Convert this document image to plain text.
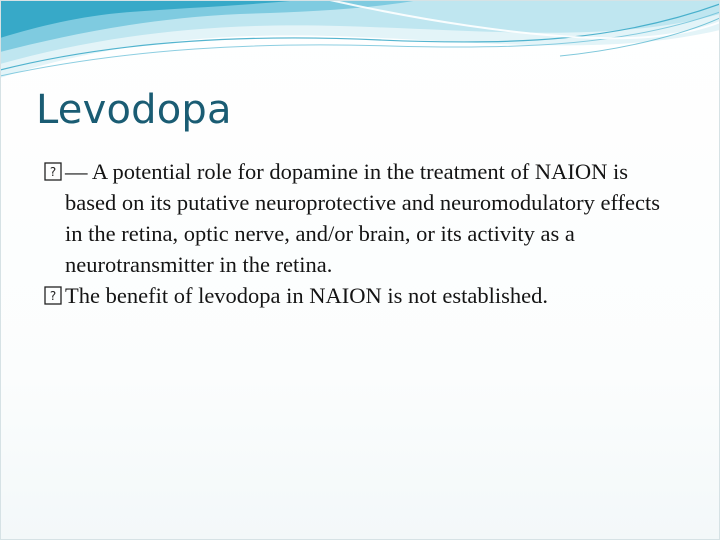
Levodopa
? — A potential role for dopamine in the treatment of NAION is based on its putative neuroprotective and neuromodulatory effects in the retina, optic nerve, and/or brain, or its activity as a neurotransmitter in the retina.
? The benefit of levodopa in NAION is not established.
